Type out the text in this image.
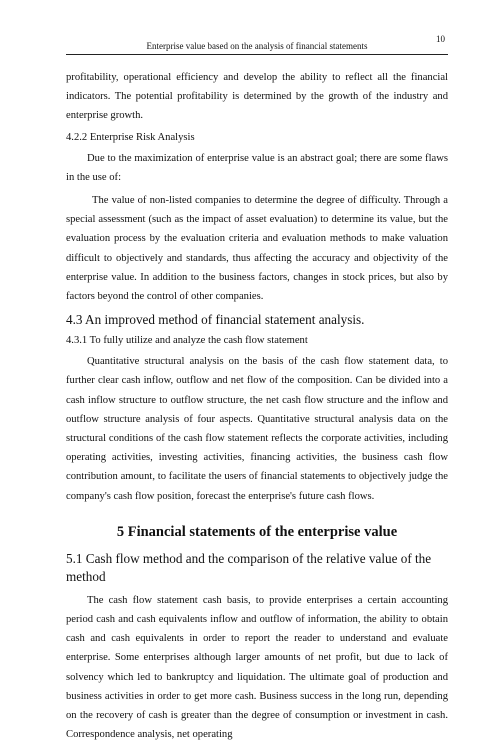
10
Enterprise value based on the analysis of financial statements

profitability, operational efficiency and develop the ability to reflect all the financial indicators. The potential profitability is determined by the growth of the industry and enterprise growth.

4.2.2 Enterprise Risk Analysis

Due to the maximization of enterprise value is an abstract goal; there are some flaws in the use of:

The value of non-listed companies to determine the degree of difficulty. Through a special assessment (such as the impact of asset evaluation) to determine its value, but the evaluation process by the evaluation criteria and evaluation methods to make valuation difficult to objectively and standards, thus affecting the accuracy and objectivity of the enterprise value. In addition to the business factors, changes in stock prices, but also by factors beyond the control of other companies.

4.3 An improved method of financial statement analysis.
4.3.1 To fully utilize and analyze the cash flow statement

Quantitative structural analysis on the basis of the cash flow statement data, to further clear cash inflow, outflow and net flow of the composition. Can be divided into a cash inflow structure to outflow structure, the net cash flow structure and the inflow and outflow structure analysis of four aspects. Quantitative structural analysis data on the structural conditions of the cash flow statement reflects the corporate activities, including operating activities, investing activities, financing activities, the business cash flow contribution amount, to facilitate the users of financial statements to objectively judge the company's cash flow position, forecast the enterprise's future cash flows.

5 Financial statements of the enterprise value
5.1 Cash flow method and the comparison of the relative value of the method

The cash flow statement cash basis, to provide enterprises a certain accounting period cash and cash equivalents inflow and outflow of information, the ability to obtain cash and cash equivalents in order to report the reader to understand and evaluate enterprise. Some enterprises although larger amounts of net profit, but due to lack of solvency which led to bankruptcy and liquidation. The ultimate goal of production and business activities in order to get more cash. Business success in the long run, depending on the recovery of cash is greater than the degree of consumption or investment in cash. Correspondence analysis, net operating
